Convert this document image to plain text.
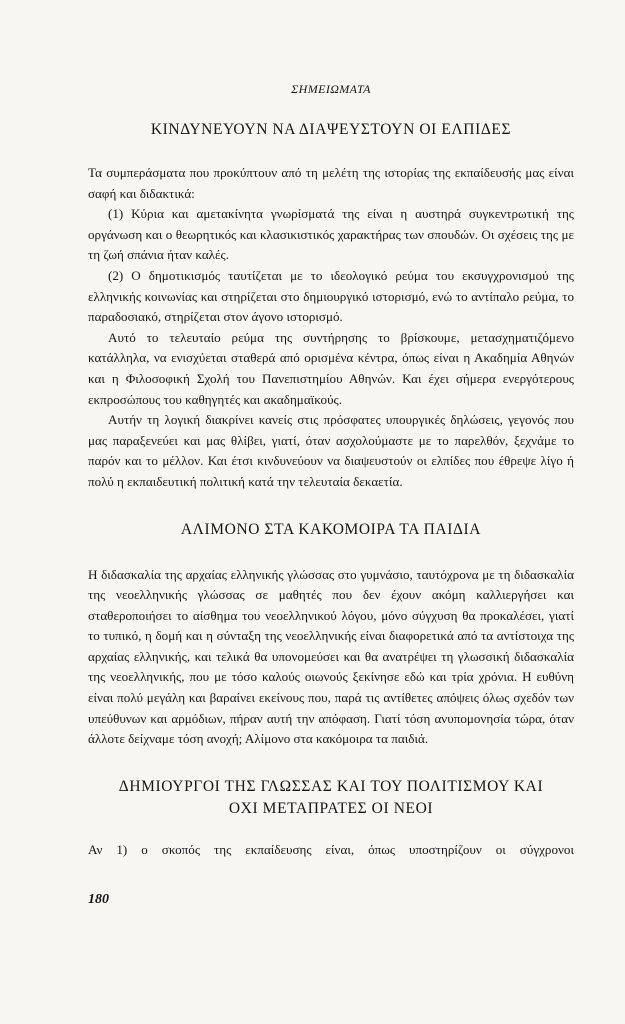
ΣΗΜΕΙΩΜΑΤΑ
ΚΙΝΔΥΝΕΥΟΥΝ ΝΑ ΔΙΑΨΕΥΣΤΟΥΝ ΟΙ ΕΛΠΙΔΕΣ

Τα συμπεράσματα που προκύπτουν από τη μελέτη της ιστορίας της εκπαίδευσής μας είναι σαφή και διδακτικά:

(1) Κύρια και αμετακίνητα γνωρίσματά της είναι η αυστηρά συγκεντρωτική της οργάνωση και ο θεωρητικός και κλασικιστικός χαρακτήρας των σπουδών. Οι σχέσεις της με τη ζωή σπάνια ήταν καλές.

(2) Ο δημοτικισμός ταυτίζεται με το ιδεολογικό ρεύμα του εκσυγχρονισμού της ελληνικής κοινωνίας και στηρίζεται στο δημιουργικό ιστορισμό, ενώ το αντίπαλο ρεύμα, το παραδοσιακό, στηρίζεται στον άγονο ιστορισμό.

Αυτό το τελευταίο ρεύμα της συντήρησης το βρίσκουμε, μετασχηματιζόμενο κατάλληλα, να ενισχύεται σταθερά από ορισμένα κέντρα, όπως είναι η Ακαδημία Αθηνών και η Φιλοσοφική Σχολή του Πανεπιστημίου Αθηνών. Και έχει σήμερα ενεργότερους εκπροσώπους του καθηγητές και ακαδημαϊκούς.

Αυτήν τη λογική διακρίνει κανείς στις πρόσφατες υπουργικές δηλώσεις, γεγονός που μας παραξενεύει και μας θλίβει, γιατί, όταν ασχολούμαστε με το παρελθόν, ξεχνάμε το παρόν και το μέλλον. Και έτσι κινδυνεύουν να διαψευστούν οι ελπίδες που έθρεψε λίγο ή πολύ η εκπαιδευτική πολιτική κατά την τελευταία δεκαετία.

ΑΛΙΜΟΝΟ ΣΤΑ ΚΑΚΟΜΟΙΡΑ ΤΑ ΠΑΙΔΙΑ

Η διδασκαλία της αρχαίας ελληνικής γλώσσας στο γυμνάσιο, ταυτόχρονα με τη διδασκαλία της νεοελληνικής γλώσσας σε μαθητές που δεν έχουν ακόμη καλλιεργήσει και σταθεροποιήσει το αίσθημα του νεοελληνικού λόγου, μόνο σύγχυση θα προκαλέσει, γιατί το τυπικό, η δομή και η σύνταξη της νεοελληνικής είναι διαφορετικά από τα αντίστοιχα της αρχαίας ελληνικής, και τελικά θα υπονομεύσει και θα ανατρέψει τη γλωσσική διδασκαλία της νεοελληνικής, που με τόσο καλούς οιωνούς ξεκίνησε εδώ και τρία χρόνια. Η ευθύνη είναι πολύ μεγάλη και βαραίνει εκείνους που, παρά τις αντίθετες απόψεις όλως σχεδόν των υπεύθυνων και αρμόδιων, πήραν αυτή την απόφαση. Γιατί τόση ανυπομονησία τώρα, όταν άλλοτε δείχναμε τόση ανοχή; Αλίμονο στα κακόμοιρα τα παιδιά.

ΔΗΜΙΟΥΡΓΟΙ ΤΗΣ ΓΛΩΣΣΑΣ ΚΑΙ ΤΟΥ ΠΟΛΙΤΙΣΜΟΥ ΚΑΙ
ΟΧΙ ΜΕΤΑΠΡΑΤΕΣ ΟΙ ΝΕΟΙ

Αν 1) ο σκοπός της εκπαίδευσης είναι, όπως υποστηρίζουν οι σύγχρονοι

180
